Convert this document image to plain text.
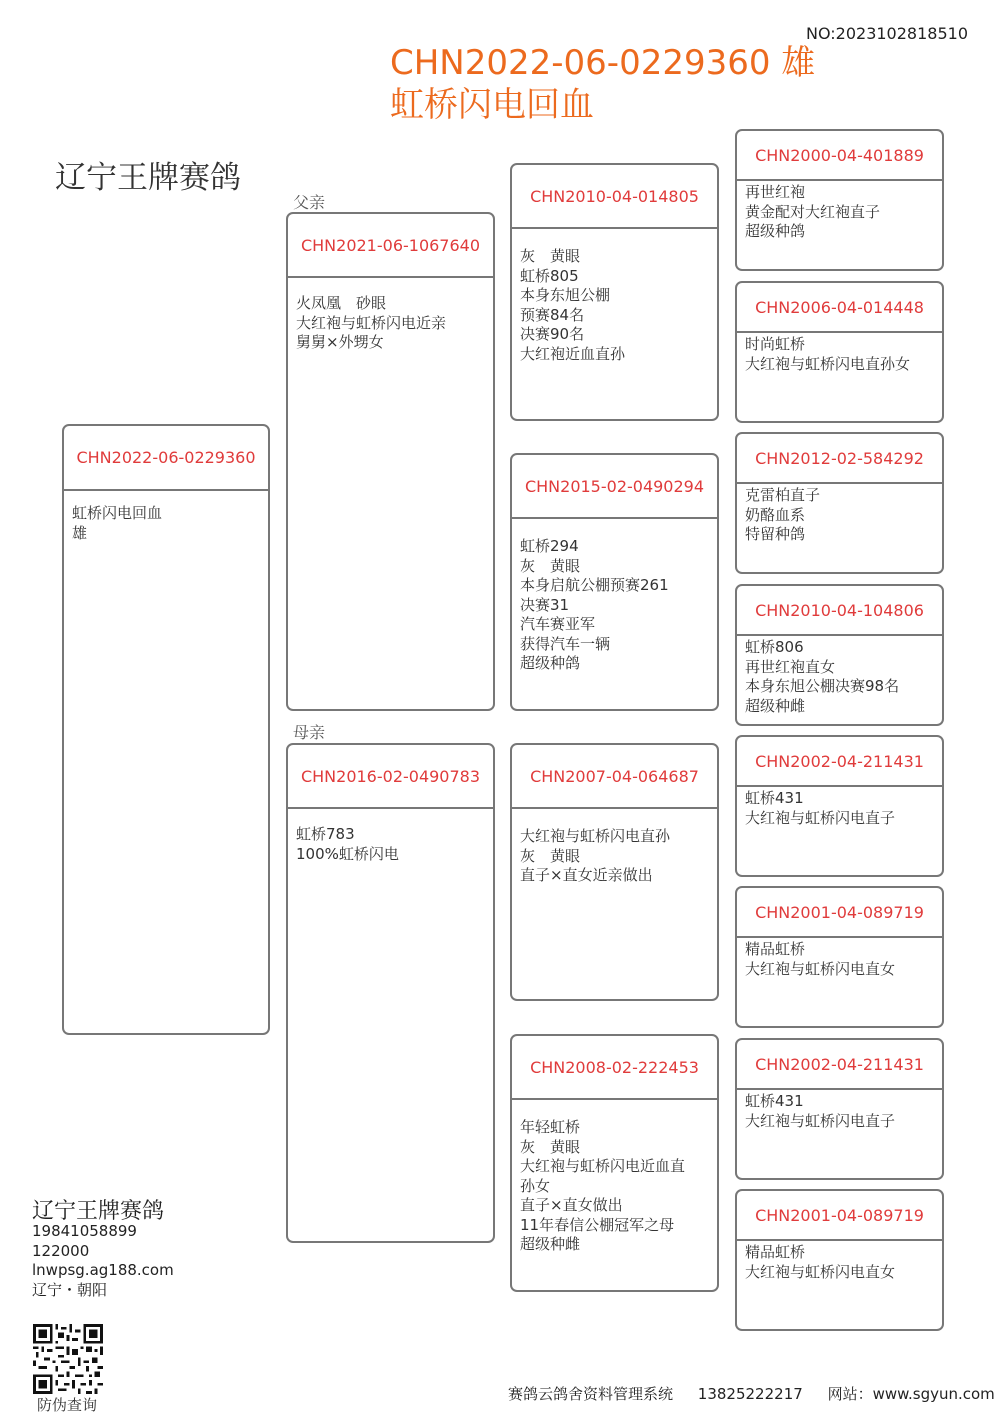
NO:2023102818510
CHN2022-06-0229360 雄
虹桥闪电回血
辽宁王牌赛鸽
父亲
母亲
CHN2022-06-0229360
虹桥闪电回血
雄
CHN2021-06-1067640
火凤凰　砂眼
大红袍与虹桥闪电近亲
舅舅×外甥女
CHN2016-02-0490783
虹桥783
100%虹桥闪电
CHN2010-04-014805
灰　黄眼
虹桥805
本身东旭公棚
预赛84名
决赛90名
大红袍近血直孙
CHN2015-02-0490294
虹桥294
灰　黄眼
本身启航公棚预赛261
决赛31
汽车赛亚军
获得汽车一辆
超级种鸽
CHN2007-04-064687
大红袍与虹桥闪电直孙
灰　黄眼
直子×直女近亲做出
CHN2008-02-222453
年轻虹桥
灰　黄眼
大红袍与虹桥闪电近血直
孙女
直子×直女做出
11年春信公棚冠军之母
超级种雌
CHN2000-04-401889
再世红袍
黄金配对大红袍直子
超级种鸽
CHN2006-04-014448
时尚虹桥
大红袍与虹桥闪电直孙女
CHN2012-02-584292
克雷柏直子
奶酪血系
特留种鸽
CHN2010-04-104806
虹桥806
再世红袍直女
本身东旭公棚决赛98名
超级种雌
CHN2002-04-211431
虹桥431
大红袍与虹桥闪电直子
CHN2001-04-089719
精品虹桥
大红袍与虹桥闪电直女
CHN2002-04-211431
虹桥431
大红袍与虹桥闪电直子
CHN2001-04-089719
精品虹桥
大红袍与虹桥闪电直女
辽宁王牌赛鸽
19841058899
122000
lnwpsg.ag188.com
辽宁・朝阳
防伪查询
赛鸽云鸽舍资料管理系统 13825222217 网站：www.sgyun.com
